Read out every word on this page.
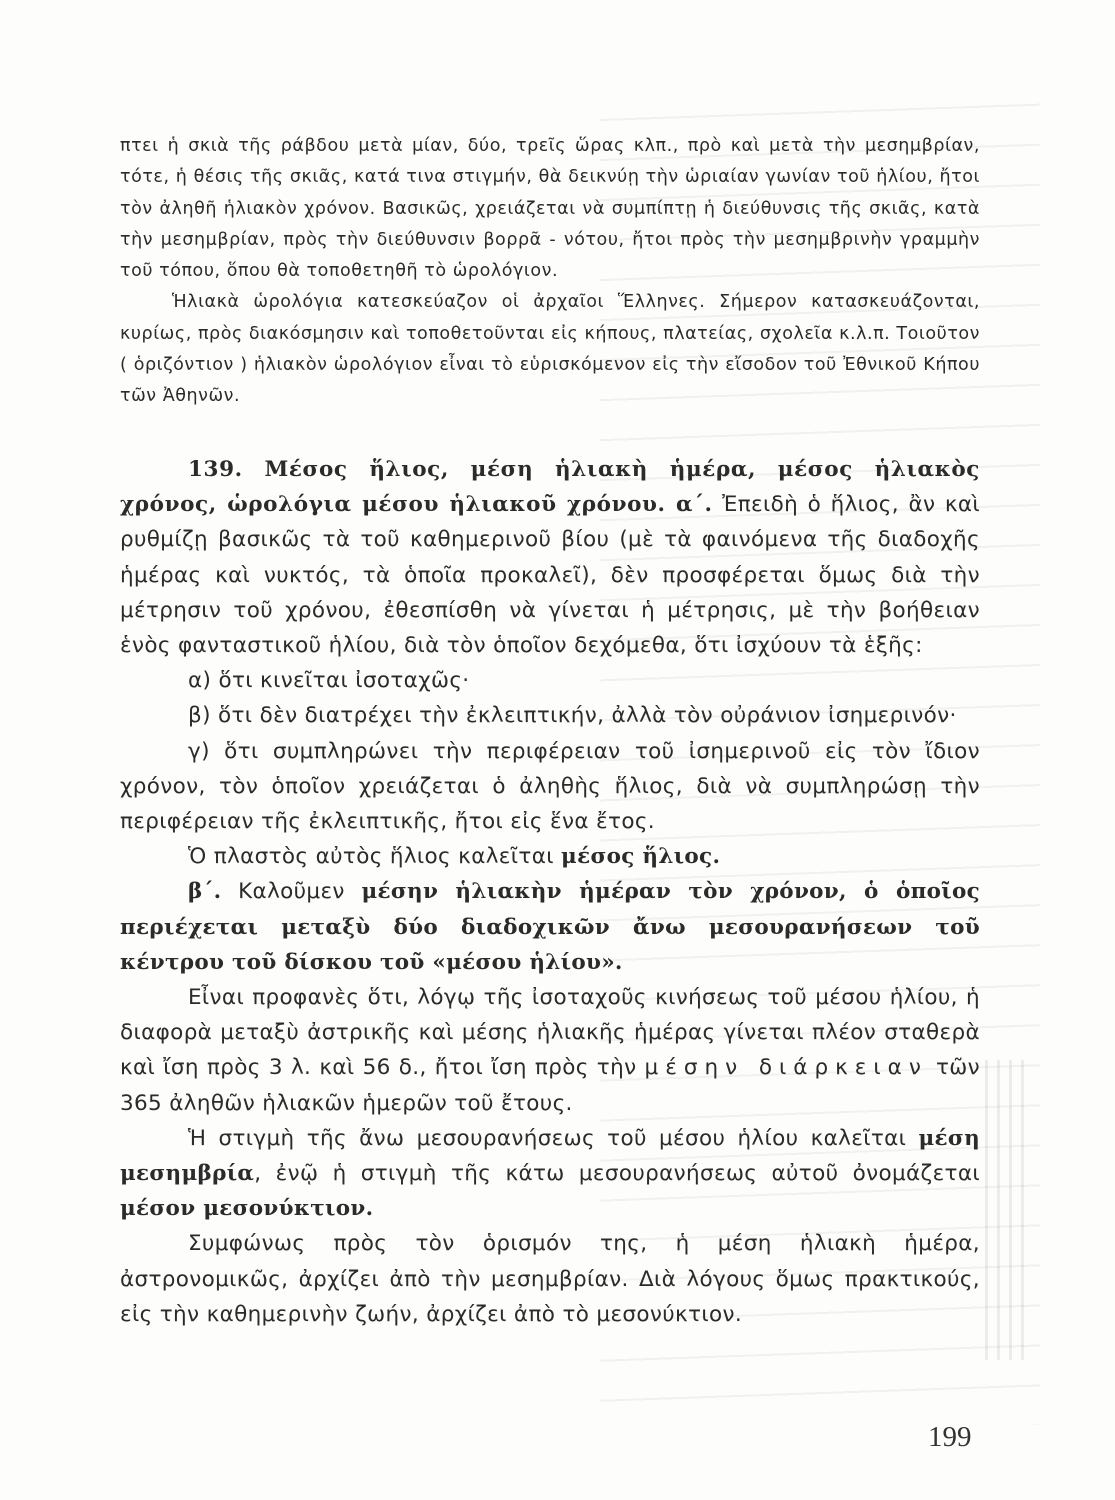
πτει ἡ σκιὰ τῆς ράβδου μετὰ μίαν, δύο, τρεῖς ὥρας κλπ., πρὸ καὶ μετὰ τὴν μεσημβρίαν, τότε, ἡ θέσις τῆς σκιᾶς, κατά τινα στιγμήν, θὰ δεικνύῃ τὴν ὡριαίαν γωνίαν τοῦ ἡλίου, ἤτοι τὸν ἀληθῆ ἡλιακὸν χρόνον. Βασικῶς, χρειάζεται νὰ συμπίπτῃ ἡ διεύθυνσις τῆς σκιᾶς, κατὰ τὴν μεσημβρίαν, πρὸς τὴν διεύθυνσιν βορρᾶ - νότου, ἤτοι πρὸς τὴν μεσημβρινὴν γραμμὴν τοῦ τόπου, ὅπου θὰ τοποθετηθῆ τὸ ὡρολόγιον.

Ἡλιακὰ ὡρολόγια κατεσκεύαζον οἱ ἀρχαῖοι Ἕλληνες. Σήμερον κατασκευάζονται, κυρίως, πρὸς διακόσμησιν καὶ τοποθετοῦνται εἰς κήπους, πλατείας, σχολεῖα κ.λ.π. Τοιοῦτον ( ὁριζόντιον ) ἡλιακὸν ὡρολόγιον εἶναι τὸ εὑρισκόμενον εἰς τὴν εἴσοδον τοῦ Ἐθνικοῦ Κήπου τῶν Ἀθηνῶν.

139. Μέσος ἥλιος, μέση ἡλιακὴ ἡμέρα, μέσος ἡλιακὸς χρόνος, ὡρολόγια μέσου ἡλιακοῦ χρόνου. α΄. Ἐπειδὴ ὁ ἥλιος, ἂν καὶ ρυθμίζῃ βασικῶς τὰ τοῦ καθημερινοῦ βίου (μὲ τὰ φαινόμενα τῆς διαδοχῆς ἡμέρας καὶ νυκτός, τὰ ὁποῖα προκαλεῖ), δὲν προσφέρεται ὅμως διὰ τὴν μέτρησιν τοῦ χρόνου, ἐθεσπίσθη νὰ γίνεται ἡ μέτρησις, μὲ τὴν βοήθειαν ἑνὸς φανταστικοῦ ἡλίου, διὰ τὸν ὁποῖον δεχόμεθα, ὅτι ἰσχύουν τὰ ἑξῆς:

α) ὅτι κινεῖται ἰσοταχῶς·

β) ὅτι δὲν διατρέχει τὴν ἐκλειπτικήν, ἀλλὰ τὸν οὐράνιον ἰσημερινόν·

γ) ὅτι συμπληρώνει τὴν περιφέρειαν τοῦ ἰσημερινοῦ εἰς τὸν ἴδιον χρόνον, τὸν ὁποῖον χρειάζεται ὁ ἀληθὴς ἥλιος, διὰ νὰ συμπληρώσῃ τὴν περιφέρειαν τῆς ἐκλειπτικῆς, ἤτοι εἰς ἕνα ἔτος.

Ὁ πλαστὸς αὐτὸς ἥλιος καλεῖται μέσος ἥλιος.

β΄. Καλοῦμεν μέσην ἡλιακὴν ἡμέραν τὸν χρόνον, ὁ ὁποῖος περιέχεται μεταξὺ δύο διαδοχικῶν ἄνω μεσουρανήσεων τοῦ κέντρου τοῦ δίσκου τοῦ «μέσου ἡλίου».

Εἶναι προφανὲς ὅτι, λόγῳ τῆς ἰσοταχοῦς κινήσεως τοῦ μέσου ἡλίου, ἡ διαφορὰ μεταξὺ ἀστρικῆς καὶ μέσης ἡλιακῆς ἡμέρας γίνεται πλέον σταθερὰ καὶ ἴση πρὸς 3 λ. καὶ 56 δ., ἤτοι ἴση πρὸς τὴν μέσην διάρκειαν τῶν 365 ἀληθῶν ἡλιακῶν ἡμερῶν τοῦ ἔτους.

Ἡ στιγμὴ τῆς ἄνω μεσουρανήσεως τοῦ μέσου ἡλίου καλεῖται μέση μεσημβρία, ἐνῷ ἡ στιγμὴ τῆς κάτω μεσουρανήσεως αὐτοῦ ὀνομάζεται μέσον μεσονύκτιον.

Συμφώνως πρὸς τὸν ὁρισμόν της, ἡ μέση ἡλιακὴ ἡμέρα, ἀστρονομικῶς, ἀρχίζει ἀπὸ τὴν μεσημβρίαν. Διὰ λόγους ὅμως πρακτικούς, εἰς τὴν καθημερινὴν ζωήν, ἀρχίζει ἀπὸ τὸ μεσονύκτιον.

199
